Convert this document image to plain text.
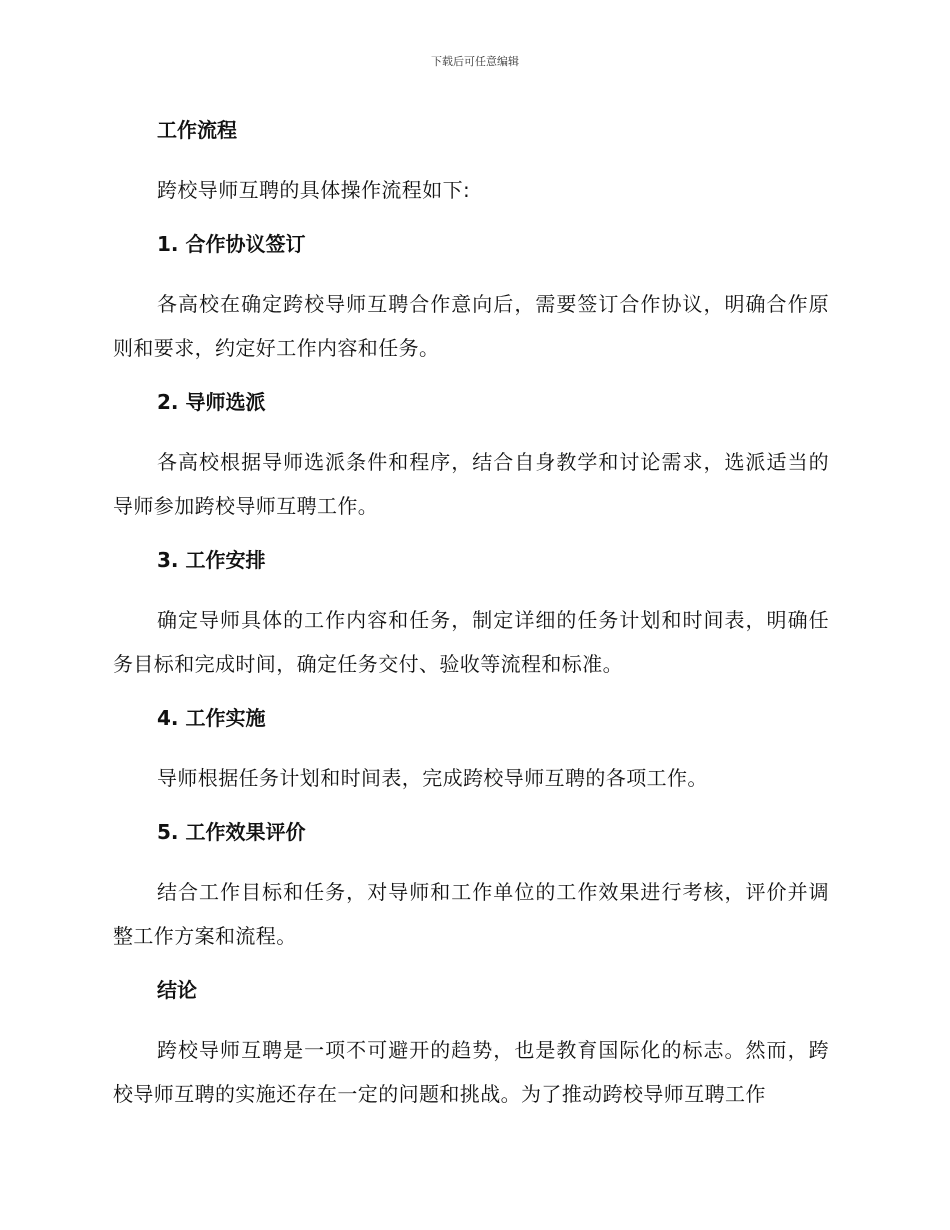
下载后可任意编辑
工作流程

跨校导师互聘的具体操作流程如下:

1. 合作协议签订

各高校在确定跨校导师互聘合作意向后，需要签订合作协议，明确合作原则和要求，约定好工作内容和任务。

2. 导师选派

各高校根据导师选派条件和程序，结合自身教学和讨论需求，选派适当的导师参加跨校导师互聘工作。

3. 工作安排

确定导师具体的工作内容和任务，制定详细的任务计划和时间表，明确任务目标和完成时间，确定任务交付、验收等流程和标准。

4. 工作实施

导师根据任务计划和时间表，完成跨校导师互聘的各项工作。

5. 工作效果评价

结合工作目标和任务，对导师和工作单位的工作效果进行考核，评价并调整工作方案和流程。

结论

跨校导师互聘是一项不可避开的趋势，也是教育国际化的标志。然而，跨校导师互聘的实施还存在一定的问题和挑战。为了推动跨校导师互聘工作
